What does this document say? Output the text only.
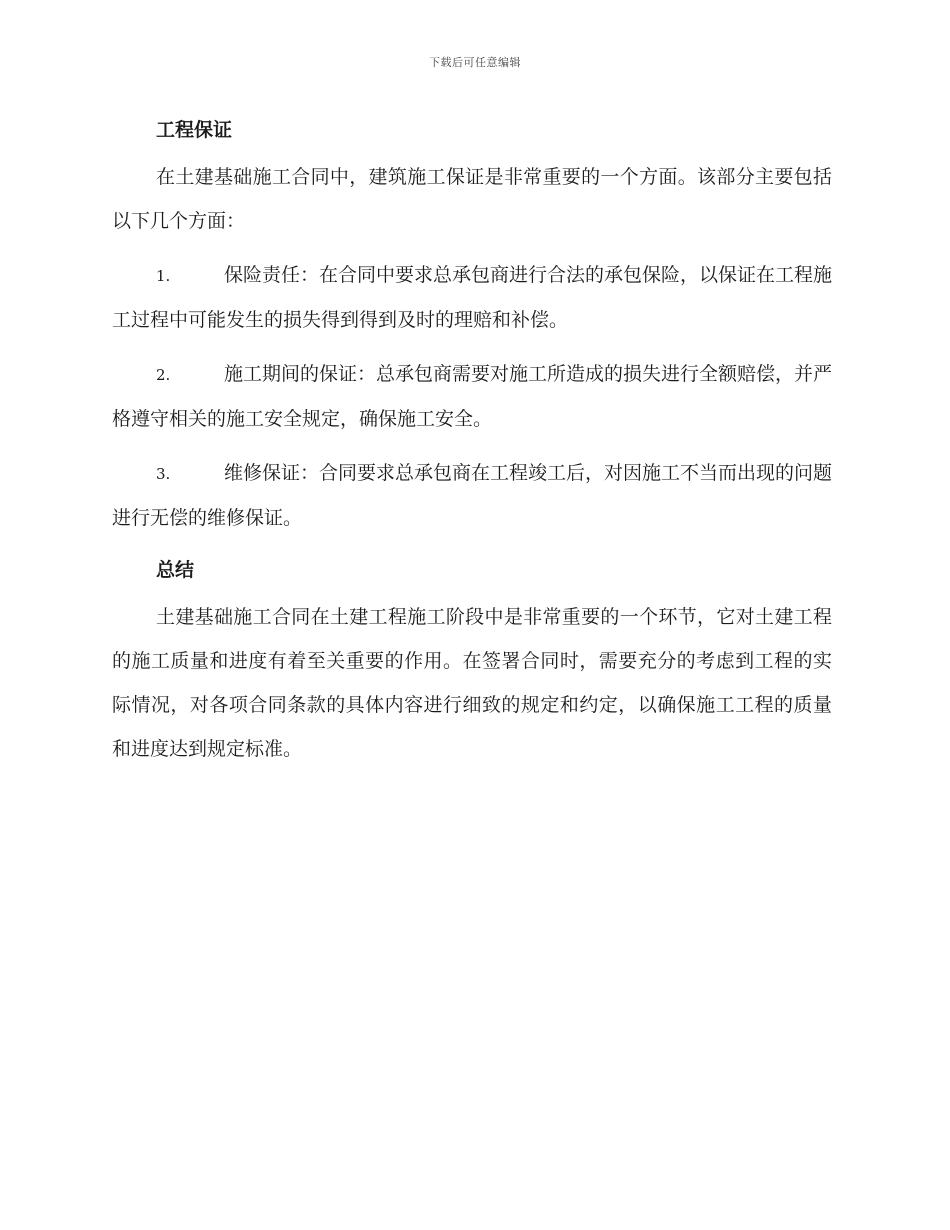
下载后可任意编辑
工程保证

在土建基础施工合同中，建筑施工保证是非常重要的一个方面。该部分主要包括以下几个方面：

1.	保险责任：在合同中要求总承包商进行合法的承包保险，以保证在工程施工过程中可能发生的损失得到得到及时的理赔和补偿。

2.	施工期间的保证：总承包商需要对施工所造成的损失进行全额赔偿，并严格遵守相关的施工安全规定，确保施工安全。

3.	维修保证：合同要求总承包商在工程竣工后，对因施工不当而出现的问题进行无偿的维修保证。

总结

土建基础施工合同在土建工程施工阶段中是非常重要的一个环节，它对土建工程的施工质量和进度有着至关重要的作用。在签署合同时，需要充分的考虑到工程的实际情况，对各项合同条款的具体内容进行细致的规定和约定，以确保施工工程的质量和进度达到规定标准。
